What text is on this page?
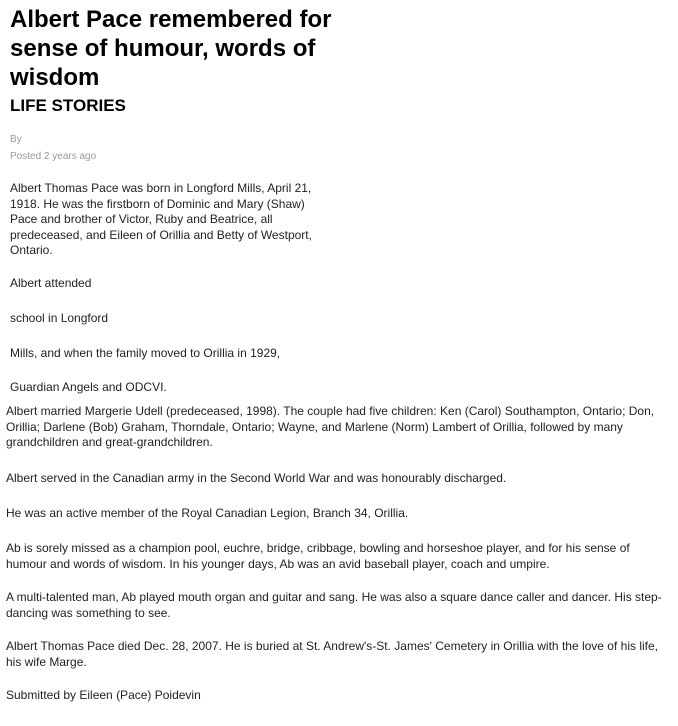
Albert Pace remembered for sense of humour, words of wisdom
LIFE STORIES
By
Posted 2 years ago

Albert Thomas Pace was born in Longford Mills, April 21, 1918. He was the firstborn of Dominic and Mary (Shaw) Pace and brother of Victor, Ruby and Beatrice, all predeceased, and Eileen of Orillia and Betty of Westport, Ontario.

Albert attended

school in Longford

Mills, and when the family moved to Orillia in 1929,

Guardian Angels and ODCVI.

Albert married Margerie Udell (predeceased, 1998). The couple had five children: Ken (Carol) Southampton, Ontario; Don, Orillia; Darlene (Bob) Graham, Thorndale, Ontario; Wayne, and Marlene (Norm) Lambert of Orillia, followed by many grandchildren and great-grandchildren.

Albert served in the Canadian army in the Second World War and was honourably discharged.

He was an active member of the Royal Canadian Legion, Branch 34, Orillia.

Ab is sorely missed as a champion pool, euchre, bridge, cribbage, bowling and horseshoe player, and for his sense of humour and words of wisdom. In his younger days, Ab was an avid baseball player, coach and umpire.

A multi-talented man, Ab played mouth organ and guitar and sang. He was also a square dance caller and dancer. His step-dancing was something to see.

Albert Thomas Pace died Dec. 28, 2007. He is buried at St. Andrew's-St. James' Cemetery in Orillia with the love of his life, his wife Marge.

Submitted by Eileen (Pace) Poidevin
